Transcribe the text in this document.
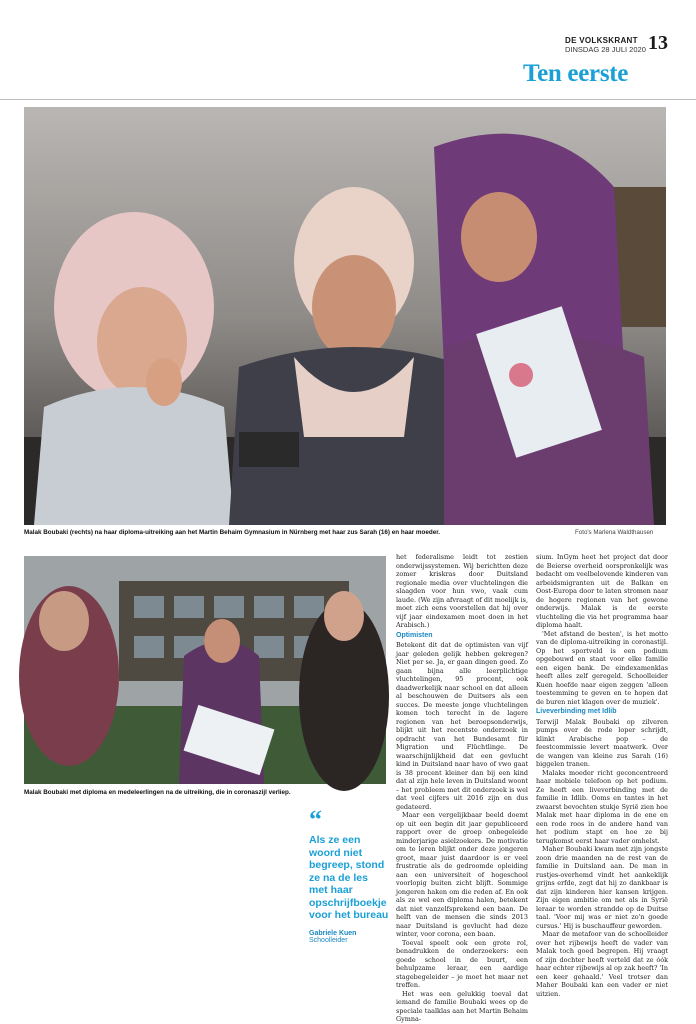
DE VOLKSKRANT
DINSDAG 28 JULI 2020 13
Ten eerste
Malak Boubaki (rechts) na haar diploma-uitreiking aan het Martin Behaim Gymnasium in Nürnberg met haar zus Sarah (16) en haar moeder.	Foto's Marlena Waldthausen
Malak Boubaki met diploma en medeleerlingen na de uitreiking, die in coronaszijl verliep.

het federalisme leidt tot zestien onderwijssystemen. Wij berichtten deze zomer kriskras door Duitsland regionale media over vluchtelingen die slaagden voor hun vwo, vaak cum laude. (We zijn afvraagt of dit moelijk is, moet zich eens voorstellen dat hij over vijf jaar eindexamen moet doen in het Arabisch.)

Optimisten

Betekent dit dat de optimisten van vijf jaar geleden gelijk hebben gekregen? Niet per se. Ja, er gaan dingen goed. Zo gaan bijna alle leerplichtige vluchtelingen, 95 procent, ook daadwerkelijk naar school en dat alleen al beschouwen de Duitsers als een succes. De meeste jonge vluchtelingen komen toch terecht in de lagere regionen van het beroepsonderwijs, blijkt uit het recentste onderzoek in opdracht van het Bundesamt für Migration und Flüchtlinge. De waarschijnlijkheid dat een gevlucht kind in Duitsland naar havo of vwo gaat is 38 procent kleiner dan bij een kind dat al zijn hele leven in Duitsland woont – het probleem met dit onderzoek is wel dat veel cijfers uit 2016 zijn en dus gedateerd.

Maar een vergelijkbaar beeld doemt op uit een begin dit jaar gepubliceerd rapport over de groep onbegeleide minderjarige asielzoekers. De motivatie om te leren blijkt onder deze jongeren groot, maar juist daardoor is er veel frustratie als de gedroomde opleiding aan een universiteit of hogeschool voorlopig buiten zicht blijft. Sommige jongeren haken om die reden af. En ook als ze wel een diploma halen, betekent dat niet vanzelfsprekend een baan. De helft van de mensen die sinds 2013 naar Duitsland is gevlucht had deze winter, voor corona, een baan.

Toeval speelt ook een grote rol, benadrukken de onderzoekers: een goede school in de buurt, een behulpzame leraar, een aardige stagebegeleider – je moet het maar net treffen.

Het was een gelukkig toeval dat iemand de familie Boubaki wees op de speciale taalklas aan het Martin Behaim Gymna-

sium. InGym heet het project dat door de Beierse overheid oorspronkelijk was bedacht om veelbelovende kinderen van arbeidsmigranten uit de Balkan en Oost-Europa door te laten stromen naar de hogere regionen van het gewone onderwijs. Malak is de eerste vluchteling die via het programma haar diploma haalt.

'Met afstand de besten', is het motto van de diploma-uitreiking in coronastijl. Op het sportveld is een podium opgebouwd en staat voor elke familie een eigen bank. De eindexamenklas heeft alles zelf geregeld. Schoolleider Kuen hoefde naar eigen zeggen 'alleen toestemming te geven en te hopen dat de buren niet klagen over de muziek'.

Liveverbinding met Idlib

Terwijl Malak Boubaki op zilveren pumps over de rode loper schrijdt, klinkt Arabische pop – de feestcommissie levert maatwerk. Over de wangen van kleine zus Sarah (16) biggelen tranen.

Malaks moeder richt geconcentreerd haar mobiele telefoon op het podium. Ze heeft een liveverbinding met de familie in Idlib. Ooms en tantes in het zwaarst bevochten stukje Syrië zien hoe Malak met haar diploma in de ene en een rode roos in de andere hand van het podium stapt en hoe ze bij terugkomst eerst haar vader omhelst.

Maher Boubaki kwam met zijn jongste zoon drie maanden na de rest van de familie in Duitsland aan. De man in rustjes-overhemd vindt het aankeklijk grijns erfde, zegt dat hij zo dankbaar is dat zijn kinderen hier kansen krijgen. Zijn eigen ambitie om net als in Syrië leraar te worden strandde op de Duitse taal. 'Voor mij was er niet zo'n goede cursus.' Hij is buschauffeur geworden.

Maar de metafoor van de schoolleider over het rijbewijs heeft de vader van Malak toch goed begrepen. Hij vraagt of zijn dochter heeft verteld dat ze óók haar echter rijbewijs al op zak heeft? 'In een keer gehaald.' Veel trotser dan Maher Boubaki kan een vader er niet uitzien.

“
Als ze een woord niet begreep, stond ze na de les met haar opschrijfboekje voor het bureau
Gabriele Kuen
Schoolleider
